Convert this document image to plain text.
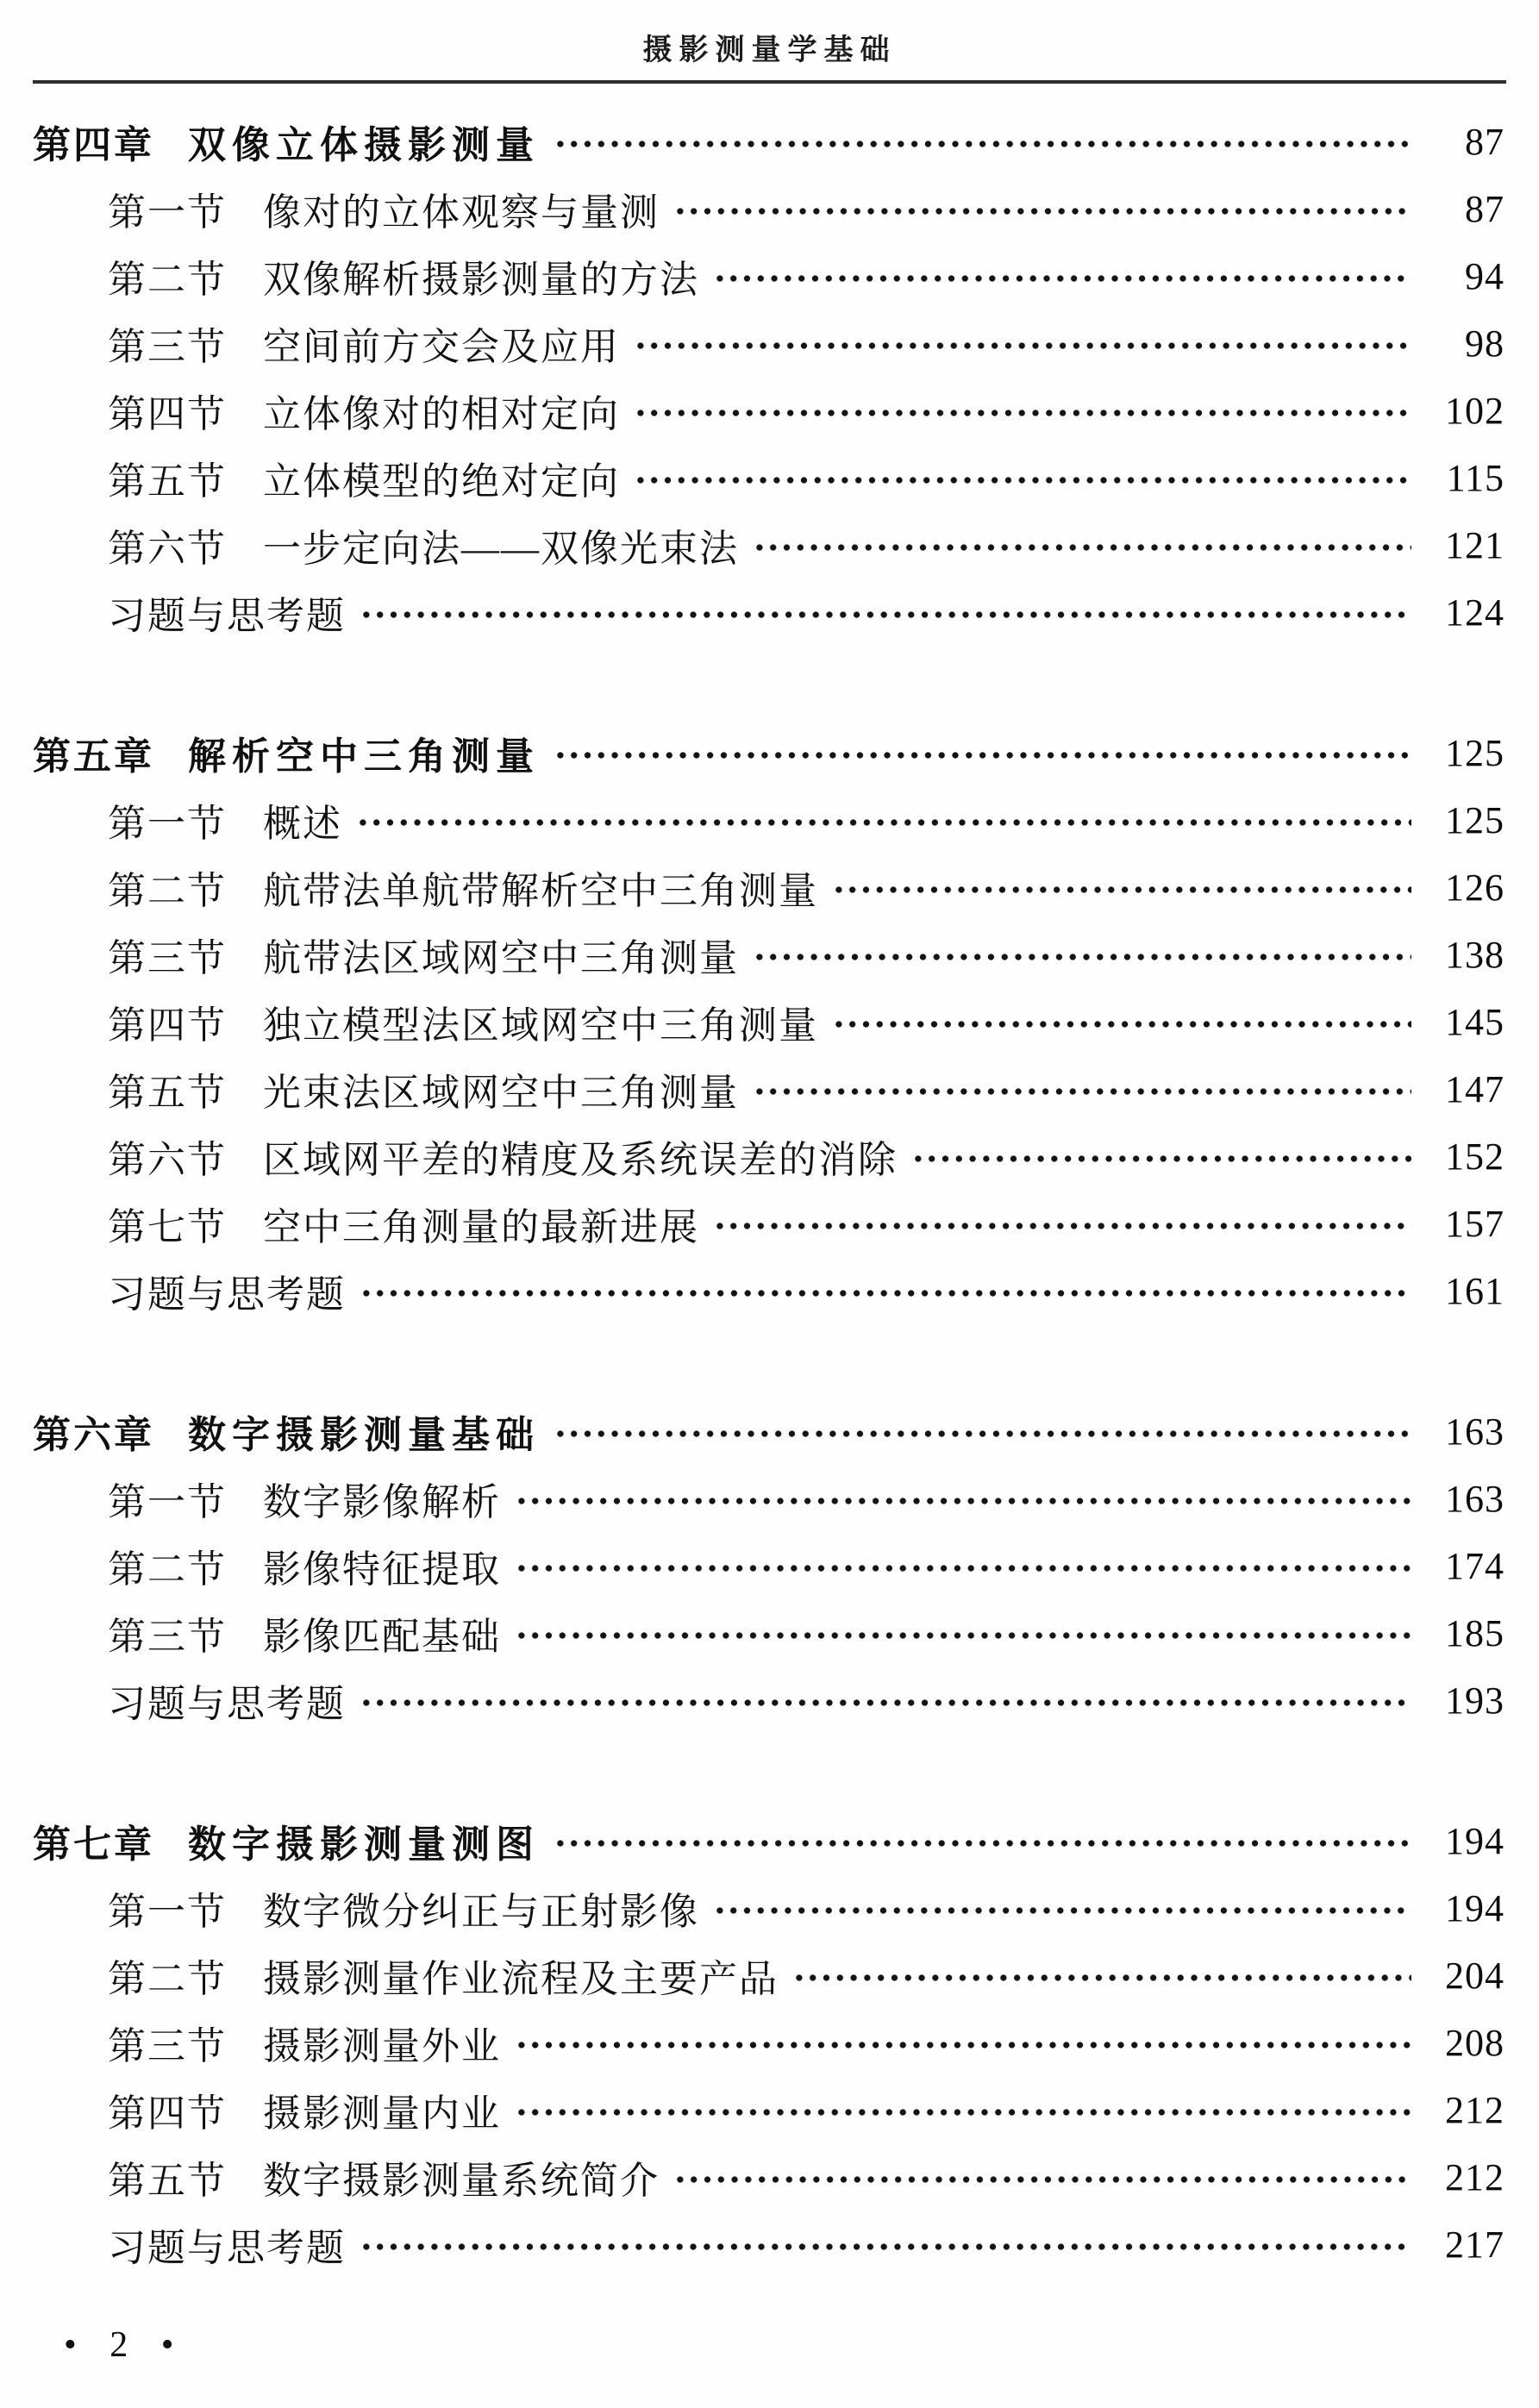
摄影测量学基础
第四章 双像立体摄影测量	87
第一节 像对的立体观察与量测	87
第二节 双像解析摄影测量的方法	94
第三节 空间前方交会及应用	98
第四节 立体像对的相对定向	102
第五节 立体模型的绝对定向	115
第六节 一步定向法——双像光束法	121
习题与思考题	124
第五章 解析空中三角测量	125
第一节 概述	125
第二节 航带法单航带解析空中三角测量	126
第三节 航带法区域网空中三角测量	138
第四节 独立模型法区域网空中三角测量	145
第五节 光束法区域网空中三角测量	147
第六节 区域网平差的精度及系统误差的消除	152
第七节 空中三角测量的最新进展	157
习题与思考题	161
第六章 数字摄影测量基础	163
第一节 数字影像解析	163
第二节 影像特征提取	174
第三节 影像匹配基础	185
习题与思考题	193
第七章 数字摄影测量测图	194
第一节 数字微分纠正与正射影像	194
第二节 摄影测量作业流程及主要产品	204
第三节 摄影测量外业	208
第四节 摄影测量内业	212
第五节 数字摄影测量系统简介	212
习题与思考题	217
• 2 •
